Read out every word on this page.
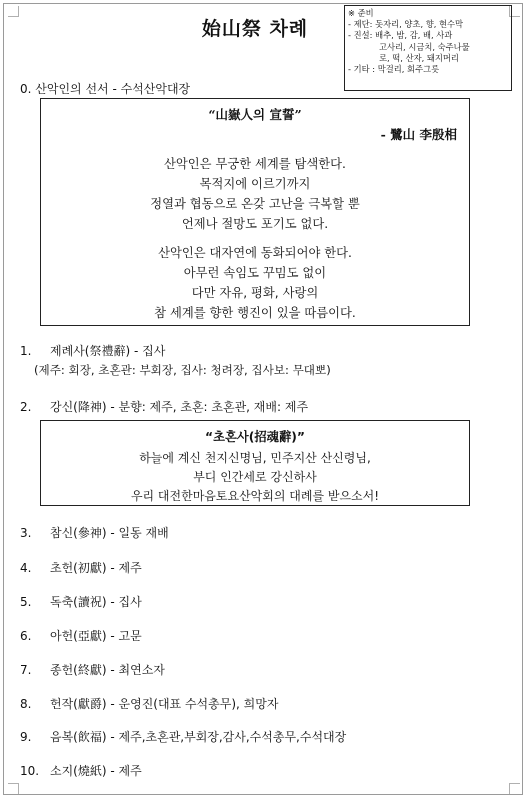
始山祭 차례
※ 준비
- 제단: 돗자리, 양초, 향, 현수막
- 진설: 배추, 밤, 감, 배, 사과
고사리, 시금치, 숙주나물
로, 떡, 산자, 돼지머리
- 기타 : 막걸리, 회주그릇
0. 산악인의 선서 - 수석산악대장
“山嶽人의 宣誓”
- 鷺山 李殷相
산악인은 무궁한 세계를 탐색한다.
목적지에 이르기까지
정열과 협동으로 온갖 고난을 극복할 뿐
언제나 절망도 포기도 없다.
산악인은 대자연에 동화되어야 한다.
아무런 속임도 꾸밈도 없이
다만 자유, 평화, 사랑의
참 세계를 향한 행진이 있을 따름이다.
1. 제례사(祭禮辭) - 집사
(제주: 회장, 초혼관: 부회장, 집사: 청려장, 집사보: 무대뽀)
2. 강신(降神) - 분향: 제주, 초혼: 초혼관, 재배: 제주
“초혼사(招魂辭)”
하늘에 계신 천지신명님, 민주지산 산신령님,
부디 인간세로 강신하사
우리 대전한마음토요산악회의 대례를 받으소서!
3. 참신(參神) - 일동 재배
4. 초헌(初獻) - 제주
5. 독축(讀祝) - 집사
6. 아헌(亞獻) - 고문
7. 종헌(終獻) - 최연소자
8. 헌작(獻爵) - 운영진(대표 수석총무), 희망자
9. 음복(飮福) - 제주,초혼관,부회장,감사,수석총무,수석대장
10. 소지(燒紙) - 제주
